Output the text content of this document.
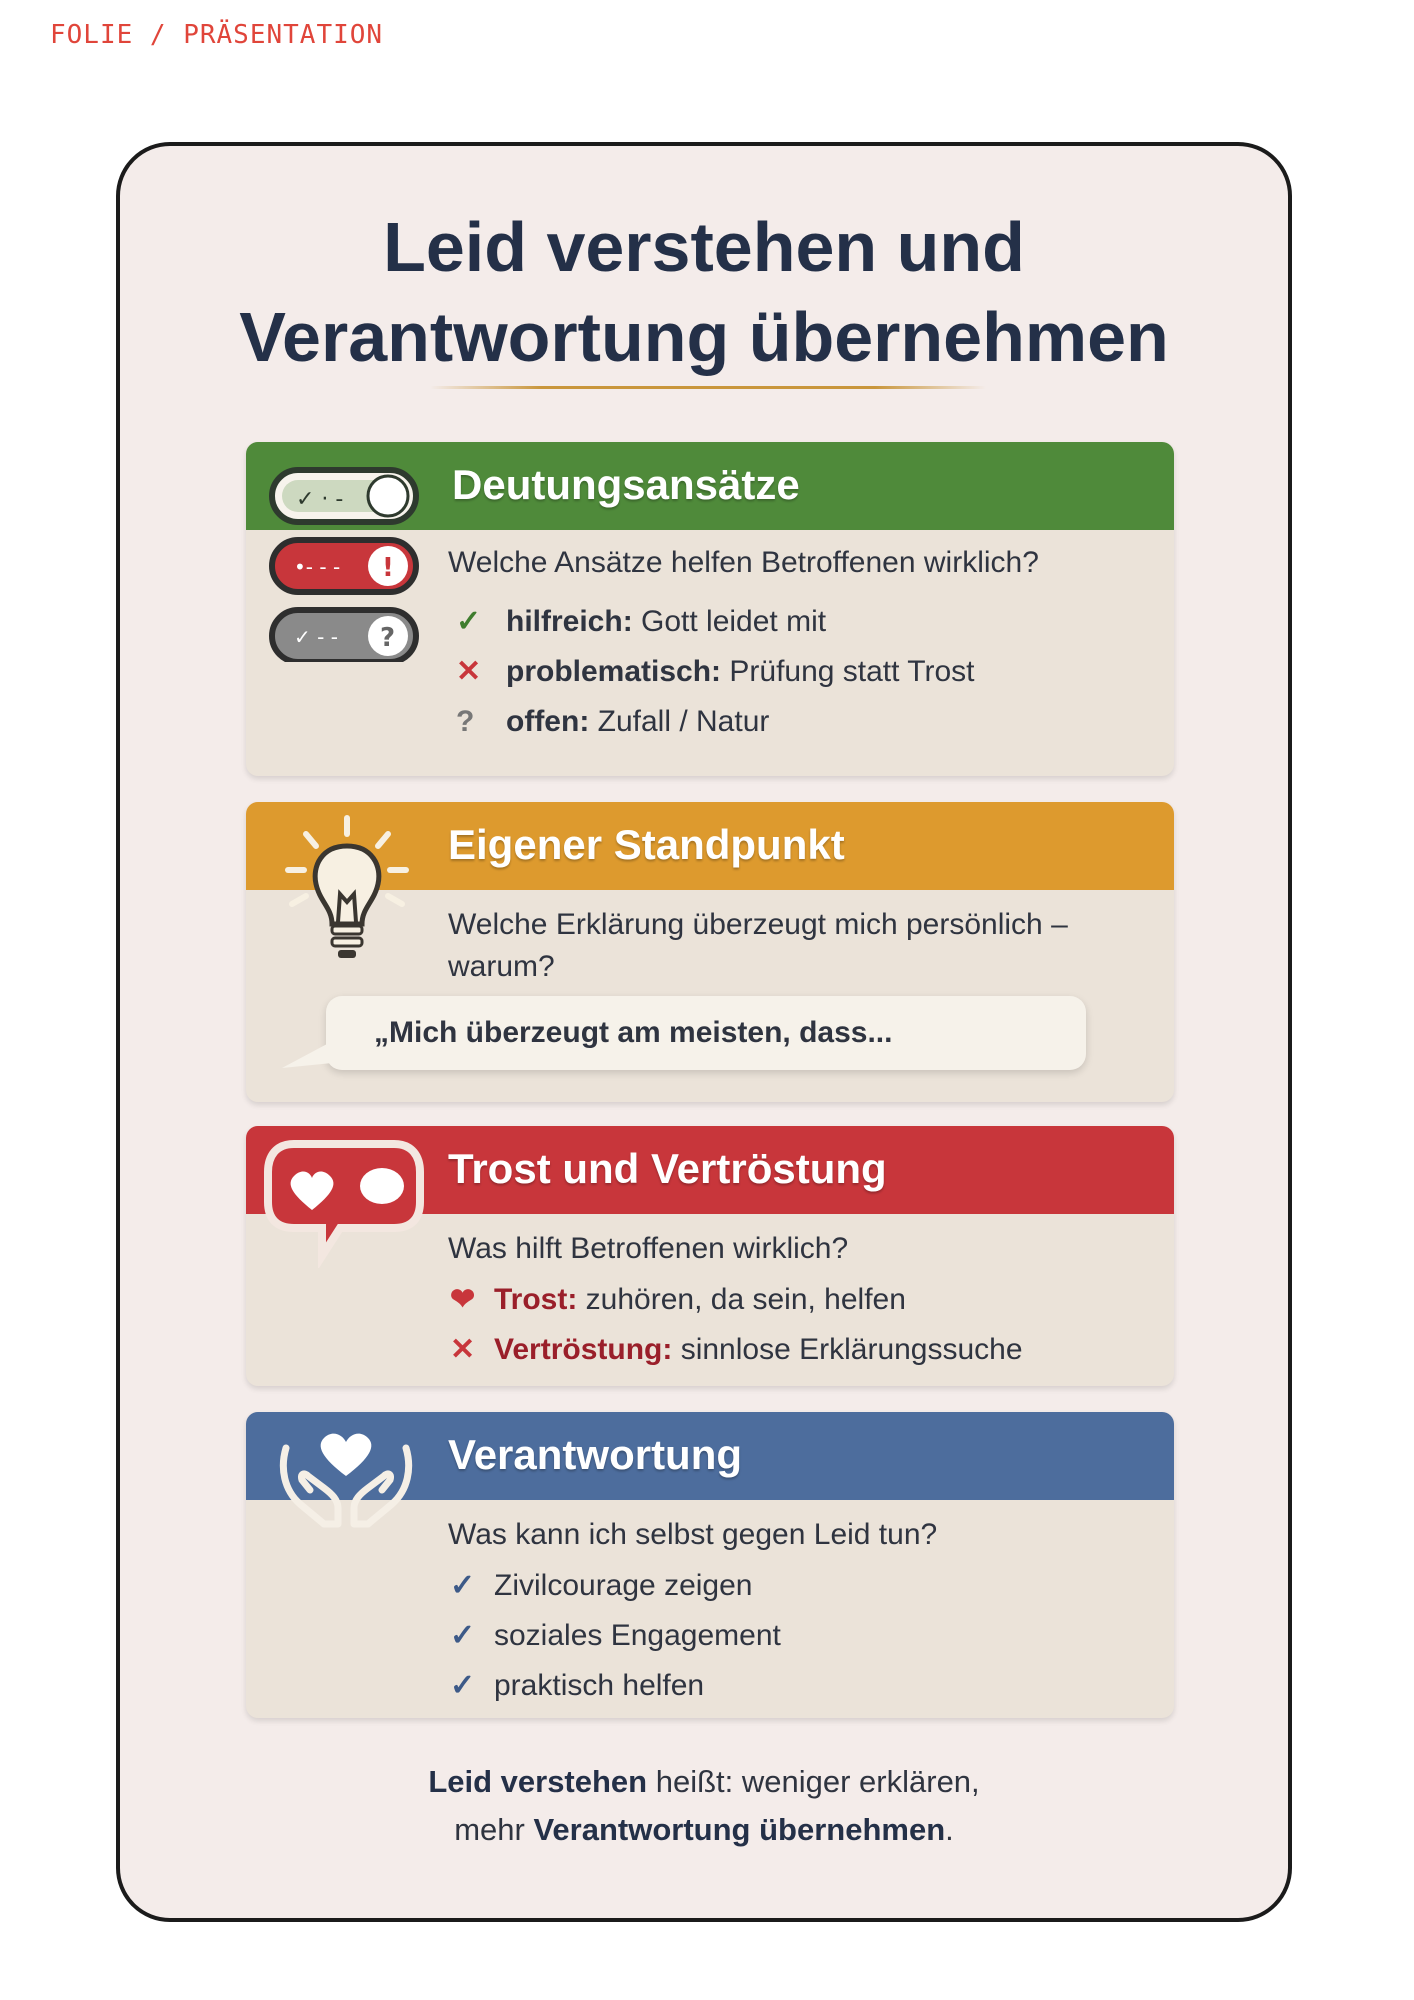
FOLIE / PRÄSENTATION
Leid verstehen und
Verantwortung übernehmen
Deutungsansätze
Welche Ansätze helfen Betroffenen wirklich?
✓ hilfreich: Gott leidet mit
✕ problematisch: Prüfung statt Trost
? offen: Zufall / Natur
✓ · -
!
•- - -
?
✓ - -
Eigener Standpunkt
Welche Erklärung überzeugt mich persönlich –
warum?
„Mich überzeugt am meisten, dass...
Trost und Vertröstung
Was hilft Betroffenen wirklich?
❤ Trost: zuhören, da sein, helfen
✕ Vertröstung: sinnlose Erklärungssuche
Verantwortung
Was kann ich selbst gegen Leid tun?
✓ Zivilcourage zeigen
✓ soziales Engagement
✓ praktisch helfen
Leid verstehen heißt: weniger erklären,
mehr Verantwortung übernehmen.
